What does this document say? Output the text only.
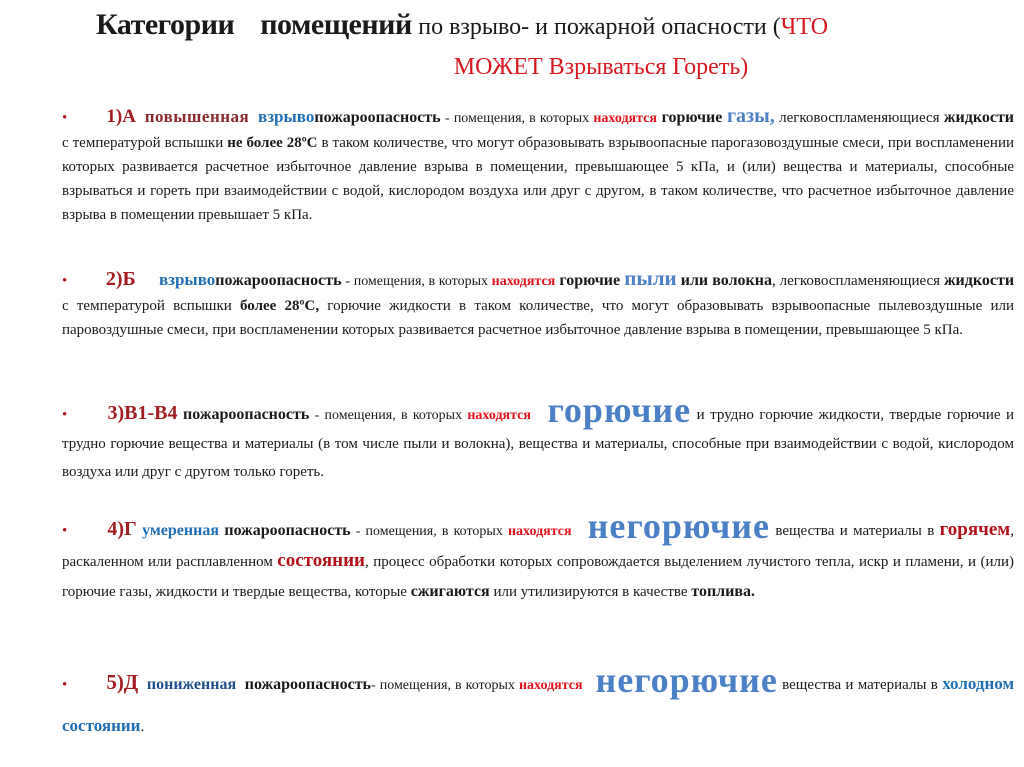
Категории помещений по взрыво- и пожарной опасности (ЧТО
МОЖЕТ Взрываться Гореть)

• 1)А повышенная взрывопожароопасность - помещения, в которых находятся горючие газы, легковоспламеняющиеся жидкости с температурой вспышки не более 28ºС в таком количестве, что могут образовывать взрывоопасные парогазовоздушные смеси, при воспламенении которых развивается расчетное избыточное давление взрыва в помещении, превышающее 5 кПа, и (или) вещества и материалы, способные взрываться и гореть при взаимодействии с водой, кислородом воздуха или друг с другом, в таком количестве, что расчетное избыточное давление взрыва в помещении превышает 5 кПа.

• 2)Б взрывопожароопасность - помещения, в которых находятся горючие пыли или волокна, легковоспламеняющиеся жидкости с температурой вспышки более 28ºС, горючие жидкости в таком количестве, что могут образовывать взрывоопасные пылевоздушные или паровоздушные смеси, при воспламенении которых развивается расчетное избыточное давление взрыва в помещении, превышающее 5 кПа.

• 3)В1-В4 пожароопасность - помещения, в которых находятся горючие и трудно горючие жидкости, твердые горючие и трудно горючие вещества и материалы (в том числе пыли и волокна), вещества и материалы, способные при взаимодействии с водой, кислородом воздуха или друг с другом только гореть.

• 4)Г умеренная пожароопасность - помещения, в которых находятся негорючие вещества и материалы в горячем, раскаленном или расплавленном состоянии, процесс обработки которых сопровождается выделением лучистого тепла, искр и пламени, и (или) горючие газы, жидкости и твердые вещества, которые сжигаются или утилизируются в качестве топлива.

• 5)Д пониженная пожароопасность- помещения, в которых находятся негорючие вещества и материалы в холодном состоянии.
